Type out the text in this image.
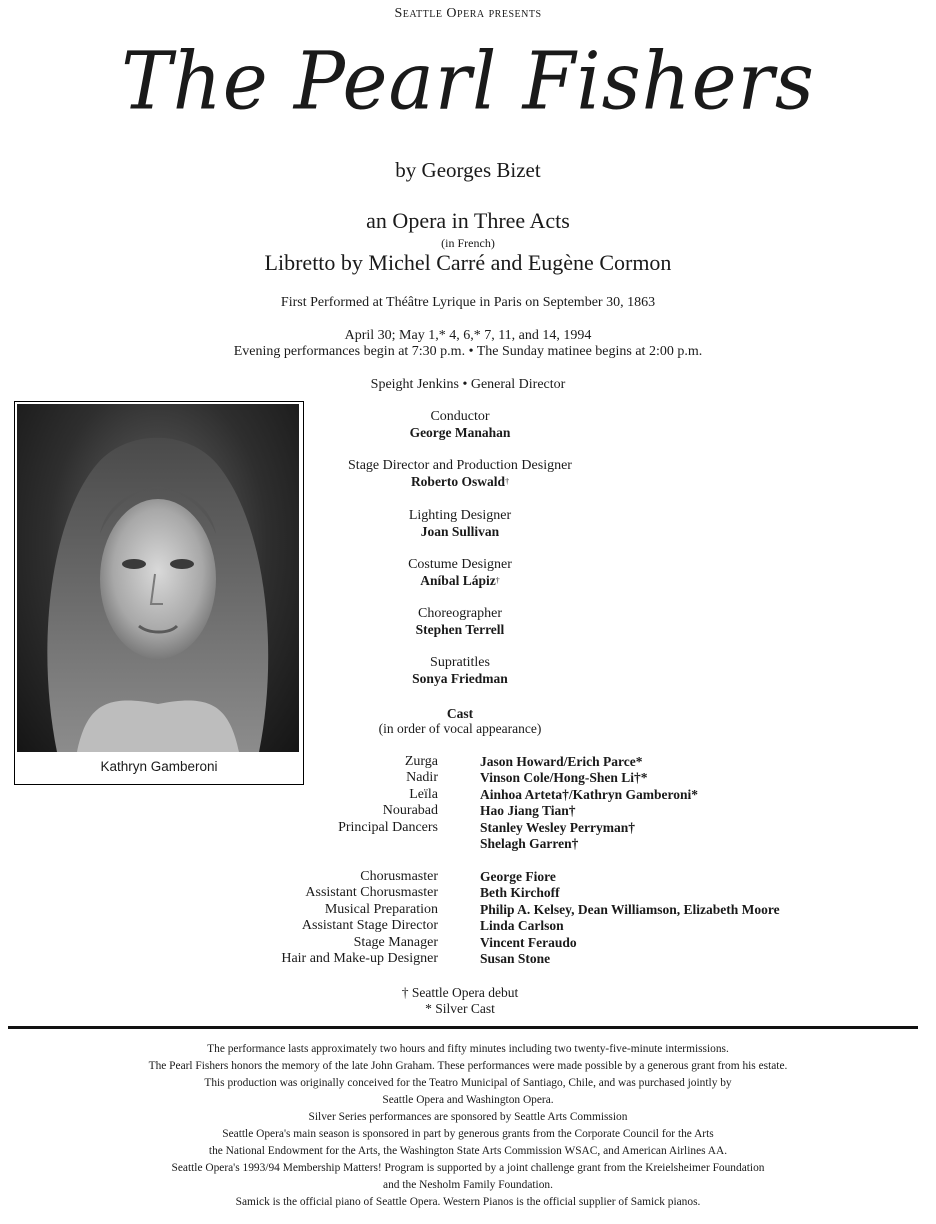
Seattle Opera presents
The Pearl Fishers
by Georges Bizet
an Opera in Three Acts
(in French)
Libretto by Michel Carré and Eugène Cormon
First Performed at Théâtre Lyrique in Paris on September 30, 1863
April 30; May 1,* 4, 6,* 7, 11, and 14, 1994
Evening performances begin at 7:30 p.m. • The Sunday matinee begins at 2:00 p.m.
Speight Jenkins • General Director
Conductor
George Manahan
Stage Director and Production Designer
Roberto Oswald†
Lighting Designer
Joan Sullivan
Costume Designer
Aníbal Lápiz†
Choreographer
Stephen Terrell
Supratitles
Sonya Friedman
Cast
(in order of vocal appearance)
Zurga	Jason Howard/Erich Parce*
Nadir	Vinson Cole/Hong-Shen Li†*
Leïla	Ainhoa Arteta†/Kathryn Gamberoni*
Nourabad	Hao Jiang Tian†
Principal Dancers	Stanley Wesley Perryman†
Shelagh Garren†
Chorusmaster	George Fiore
Assistant Chorusmaster	Beth Kirchoff
Musical Preparation	Philip A. Kelsey, Dean Williamson, Elizabeth Moore
Assistant Stage Director	Linda Carlson
Stage Manager	Vincent Feraudo
Hair and Make-up Designer	Susan Stone
† Seattle Opera debut
* Silver Cast
Kathryn Gamberoni
The performance lasts approximately two hours and fifty minutes including two twenty-five-minute intermissions.
The Pearl Fishers honors the memory of the late John Graham. These performances were made possible by a generous grant from his estate.
This production was originally conceived for the Teatro Municipal of Santiago, Chile, and was purchased jointly by
Seattle Opera and Washington Opera.
Silver Series performances are sponsored by Seattle Arts Commission
Seattle Opera's main season is sponsored in part by generous grants from the Corporate Council for the Arts
the National Endowment for the Arts, the Washington State Arts Commission WSAC, and American Airlines AA.
Seattle Opera's 1993/94 Membership Matters! Program is supported by a joint challenge grant from the Kreielsheimer Foundation
and the Nesholm Family Foundation.
Samick is the official piano of Seattle Opera. Western Pianos is the official supplier of Samick pianos.
